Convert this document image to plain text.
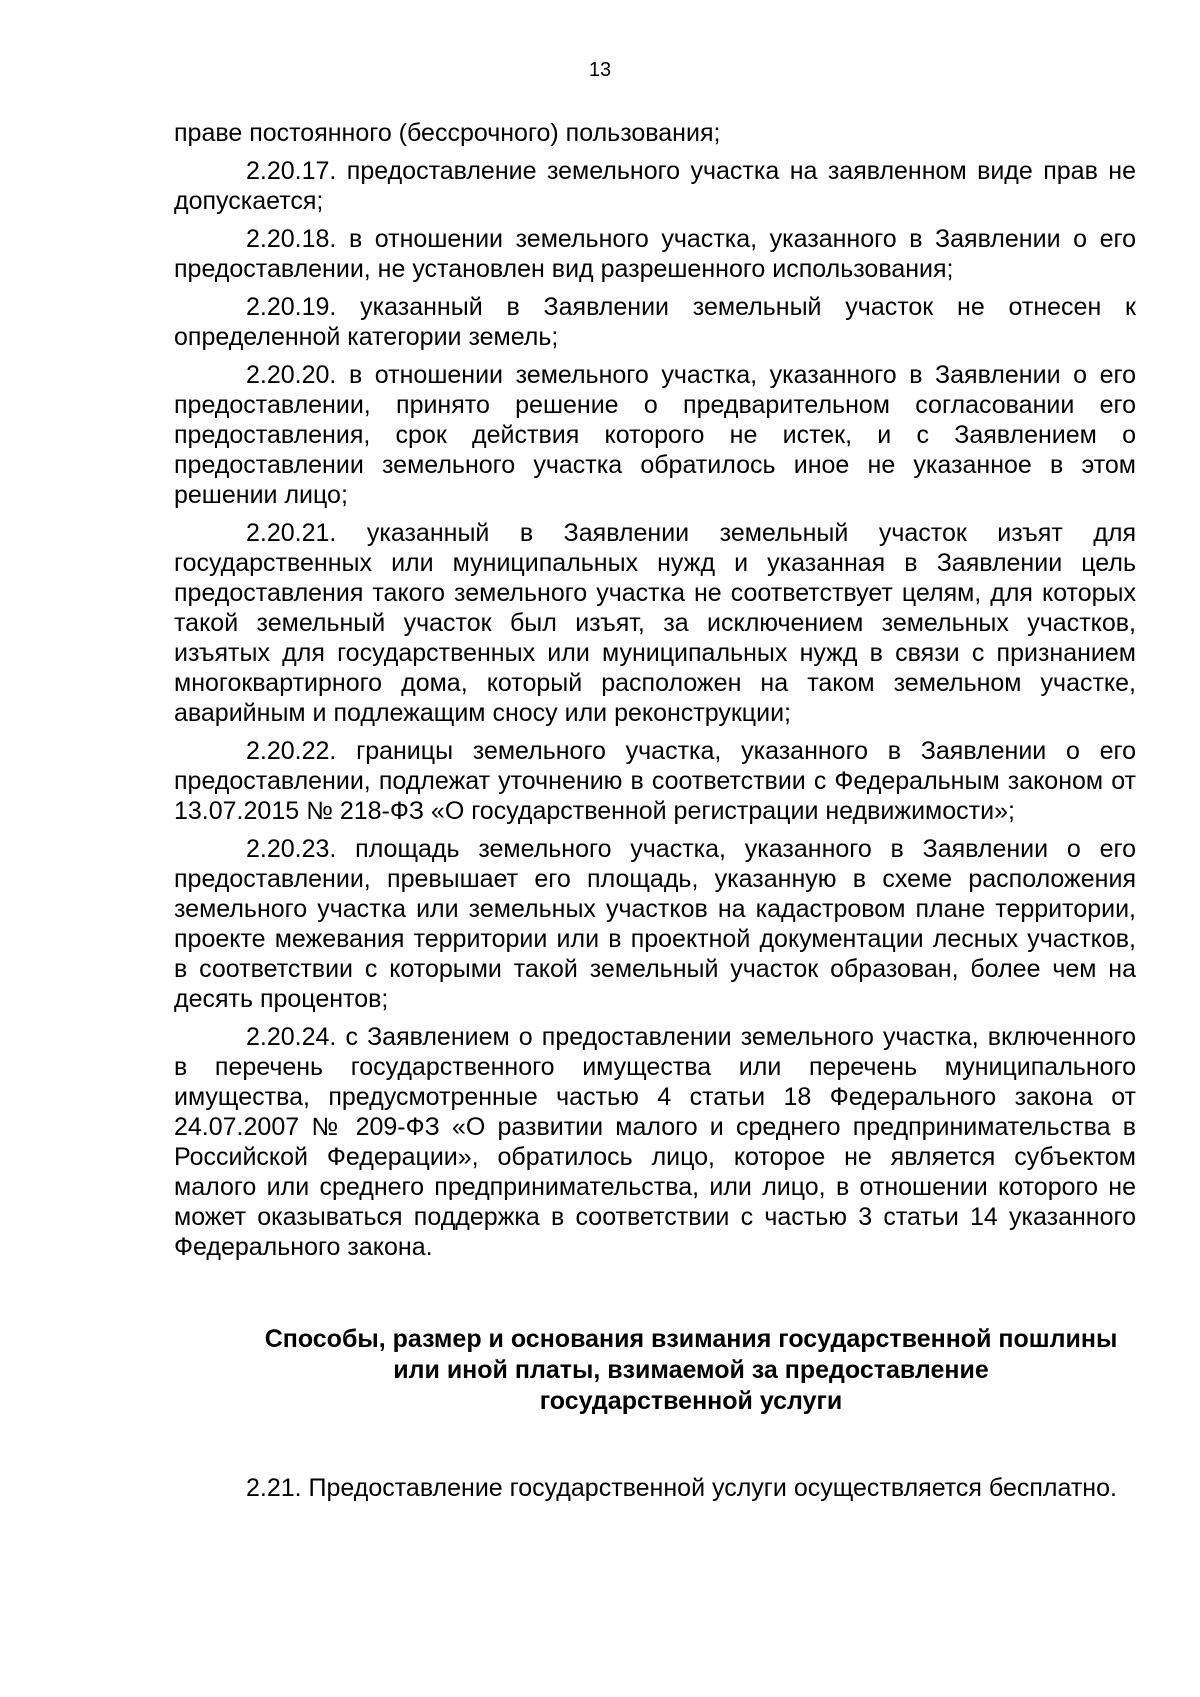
13

праве постоянного (бессрочного) пользования;

2.20.17. предоставление земельного участка на заявленном виде прав не допускается;

2.20.18. в отношении земельного участка, указанного в Заявлении о его предоставлении, не установлен вид разрешенного использования;

2.20.19. указанный в Заявлении земельный участок не отнесен к определенной категории земель;

2.20.20. в отношении земельного участка, указанного в Заявлении о его предоставлении, принято решение о предварительном согласовании его предоставления, срок действия которого не истек, и с Заявлением о предоставлении земельного участка обратилось иное не указанное в этом решении лицо;

2.20.21. указанный в Заявлении земельный участок изъят для государственных или муниципальных нужд и указанная в Заявлении цель предоставления такого земельного участка не соответствует целям, для которых такой земельный участок был изъят, за исключением земельных участков, изъятых для государственных или муниципальных нужд в связи с признанием многоквартирного дома, который расположен на таком земельном участке, аварийным и подлежащим сносу или реконструкции;

2.20.22. границы земельного участка, указанного в Заявлении о его предоставлении, подлежат уточнению в соответствии с Федеральным законом от 13.07.2015 № 218-ФЗ «О государственной регистрации недвижимости»;

2.20.23. площадь земельного участка, указанного в Заявлении о его предоставлении, превышает его площадь, указанную в схеме расположения земельного участка или земельных участков на кадастровом плане территории, проекте межевания территории или в проектной документации лесных участков, в соответствии с которыми такой земельный участок образован, более чем на десять процентов;

2.20.24. с Заявлением о предоставлении земельного участка, включенного в перечень государственного имущества или перечень муниципального имущества, предусмотренные частью 4 статьи 18 Федерального закона от 24.07.2007 № 209-ФЗ «О развитии малого и среднего предпринимательства в Российской Федерации», обратилось лицо, которое не является субъектом малого или среднего предпринимательства, или лицо, в отношении которого не может оказываться поддержка в соответствии с частью 3 статьи 14 указанного Федерального закона.

Способы, размер и основания взимания государственной пошлины
или иной платы, взимаемой за предоставление
государственной услуги

2.21. Предоставление государственной услуги осуществляется бесплатно.
